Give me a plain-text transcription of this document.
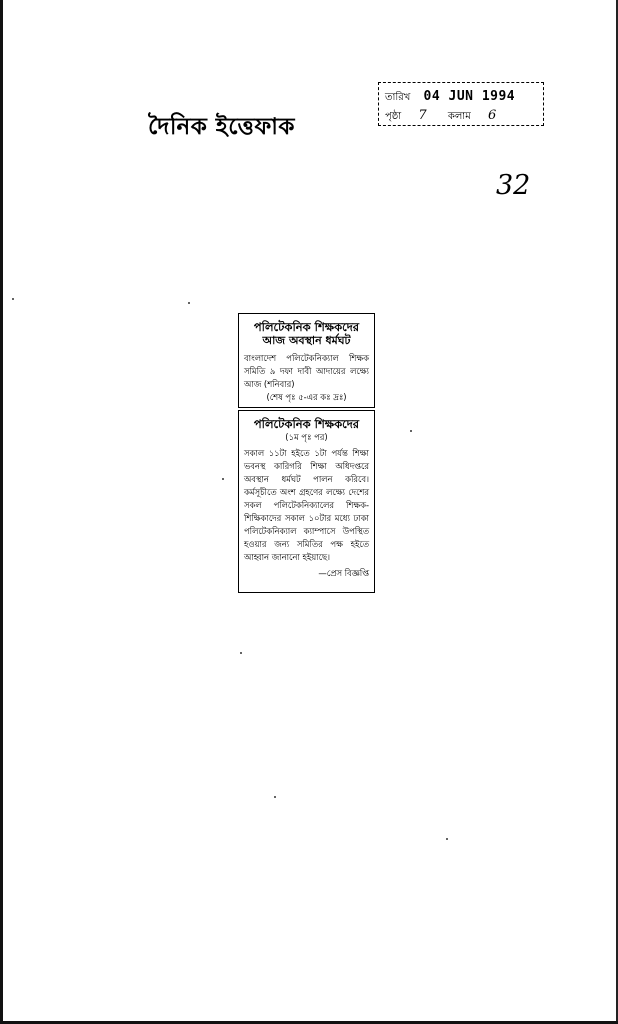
দৈনিক ইত্তেফাক
তারিখ 04 JUN 1994
পৃষ্ঠা 7 কলাম 6
32
পলিটেকনিক শিক্ষকদের
আজ অবস্থান ধর্মঘট
বাংলাদেশ পলিটেকনিক্যাল শিক্ষক সমিতি ৯ দফা দাবী আদায়ের লক্ষ্যে আজ (শনিবার)
(শেষ পৃঃ ৫-এর কঃ দ্রঃ)
পলিটেকনিক শিক্ষকদের
(১ম পৃঃ পর)
সকাল ১১টা হইতে ১টা পর্যন্ত শিক্ষা ভবনস্থ কারিগরি শিক্ষা অধিদপ্তরে অবস্থান ধর্মঘট পালন করিবে। কর্মসূচীতে অংশ গ্রহণের লক্ষ্যে দেশের সকল পলিটেকনিক্যালের শিক্ষক-শিক্ষিকাদের সকাল ১০টার মধ্যে ঢাকা পলিটেকনিক্যাল ক্যাম্পাসে উপস্থিত হওয়ার জন্য সমিতির পক্ষ হইতে আহ্বান জানানো হইয়াছে।
—প্রেস বিজ্ঞপ্তি
